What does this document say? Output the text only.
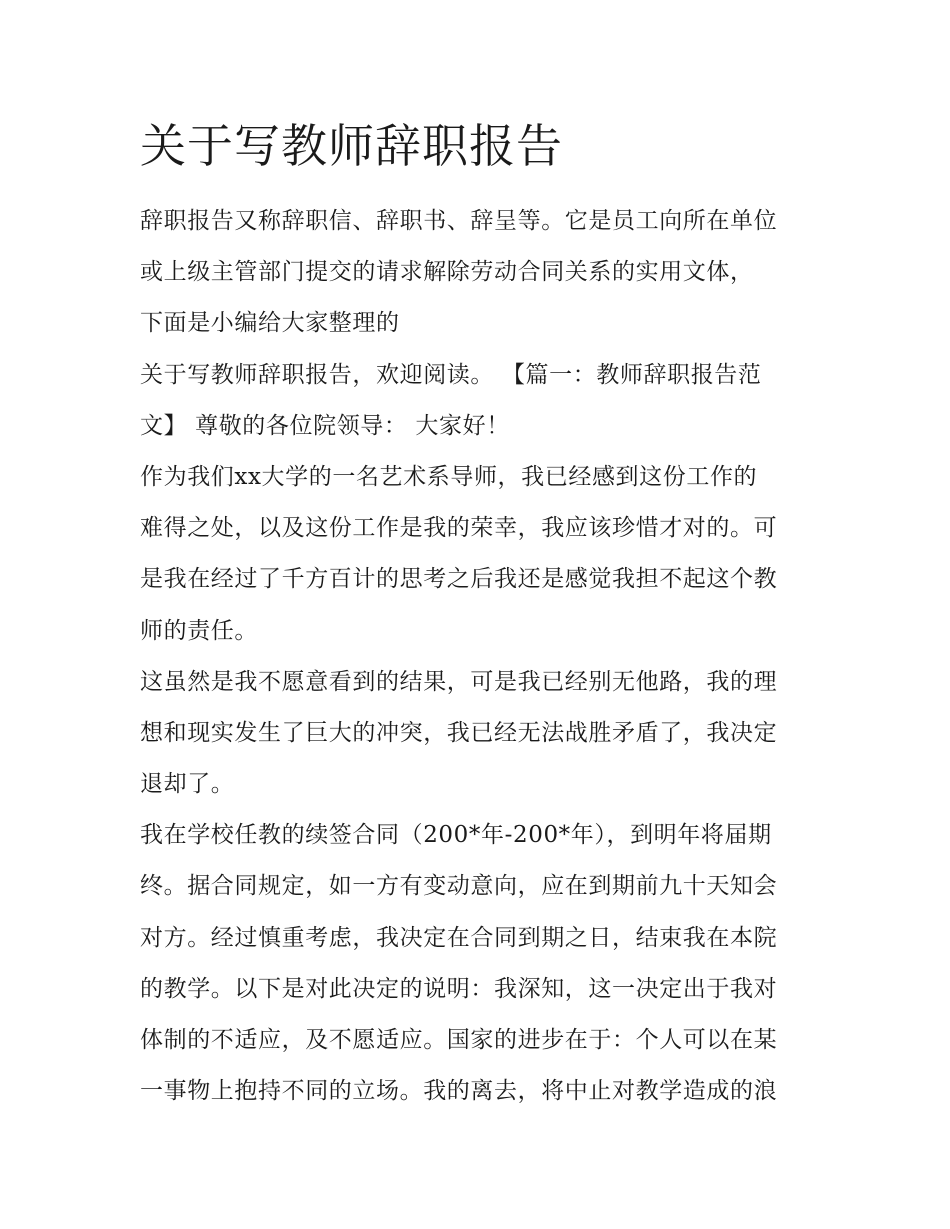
关于写教师辞职报告
辞职报告又称辞职信、辞职书、辞呈等。它是员工向所在单位
或上级主管部门提交的请求解除劳动合同关系的实用文体，
下面是小编给大家整理的
关于写教师辞职报告，欢迎阅读。 【篇一：教师辞职报告范
文】 尊敬的各位院领导： 大家好！
作为我们xx大学的一名艺术系导师，我已经感到这份工作的
难得之处，以及这份工作是我的荣幸，我应该珍惜才对的。可
是我在经过了千方百计的思考之后我还是感觉我担不起这个教
师的责任。
这虽然是我不愿意看到的结果，可是我已经别无他路，我的理
想和现实发生了巨大的冲突，我已经无法战胜矛盾了，我决定
退却了。
我在学校任教的续签合同（200*年-200*年），到明年将届期
终。据合同规定，如一方有变动意向，应在到期前九十天知会
对方。经过慎重考虑，我决定在合同到期之日，结束我在本院
的教学。以下是对此决定的说明：我深知，这一决定出于我对
体制的不适应，及不愿适应。国家的进步在于：个人可以在某
一事物上抱持不同的立场。我的离去，将中止对教学造成的浪
